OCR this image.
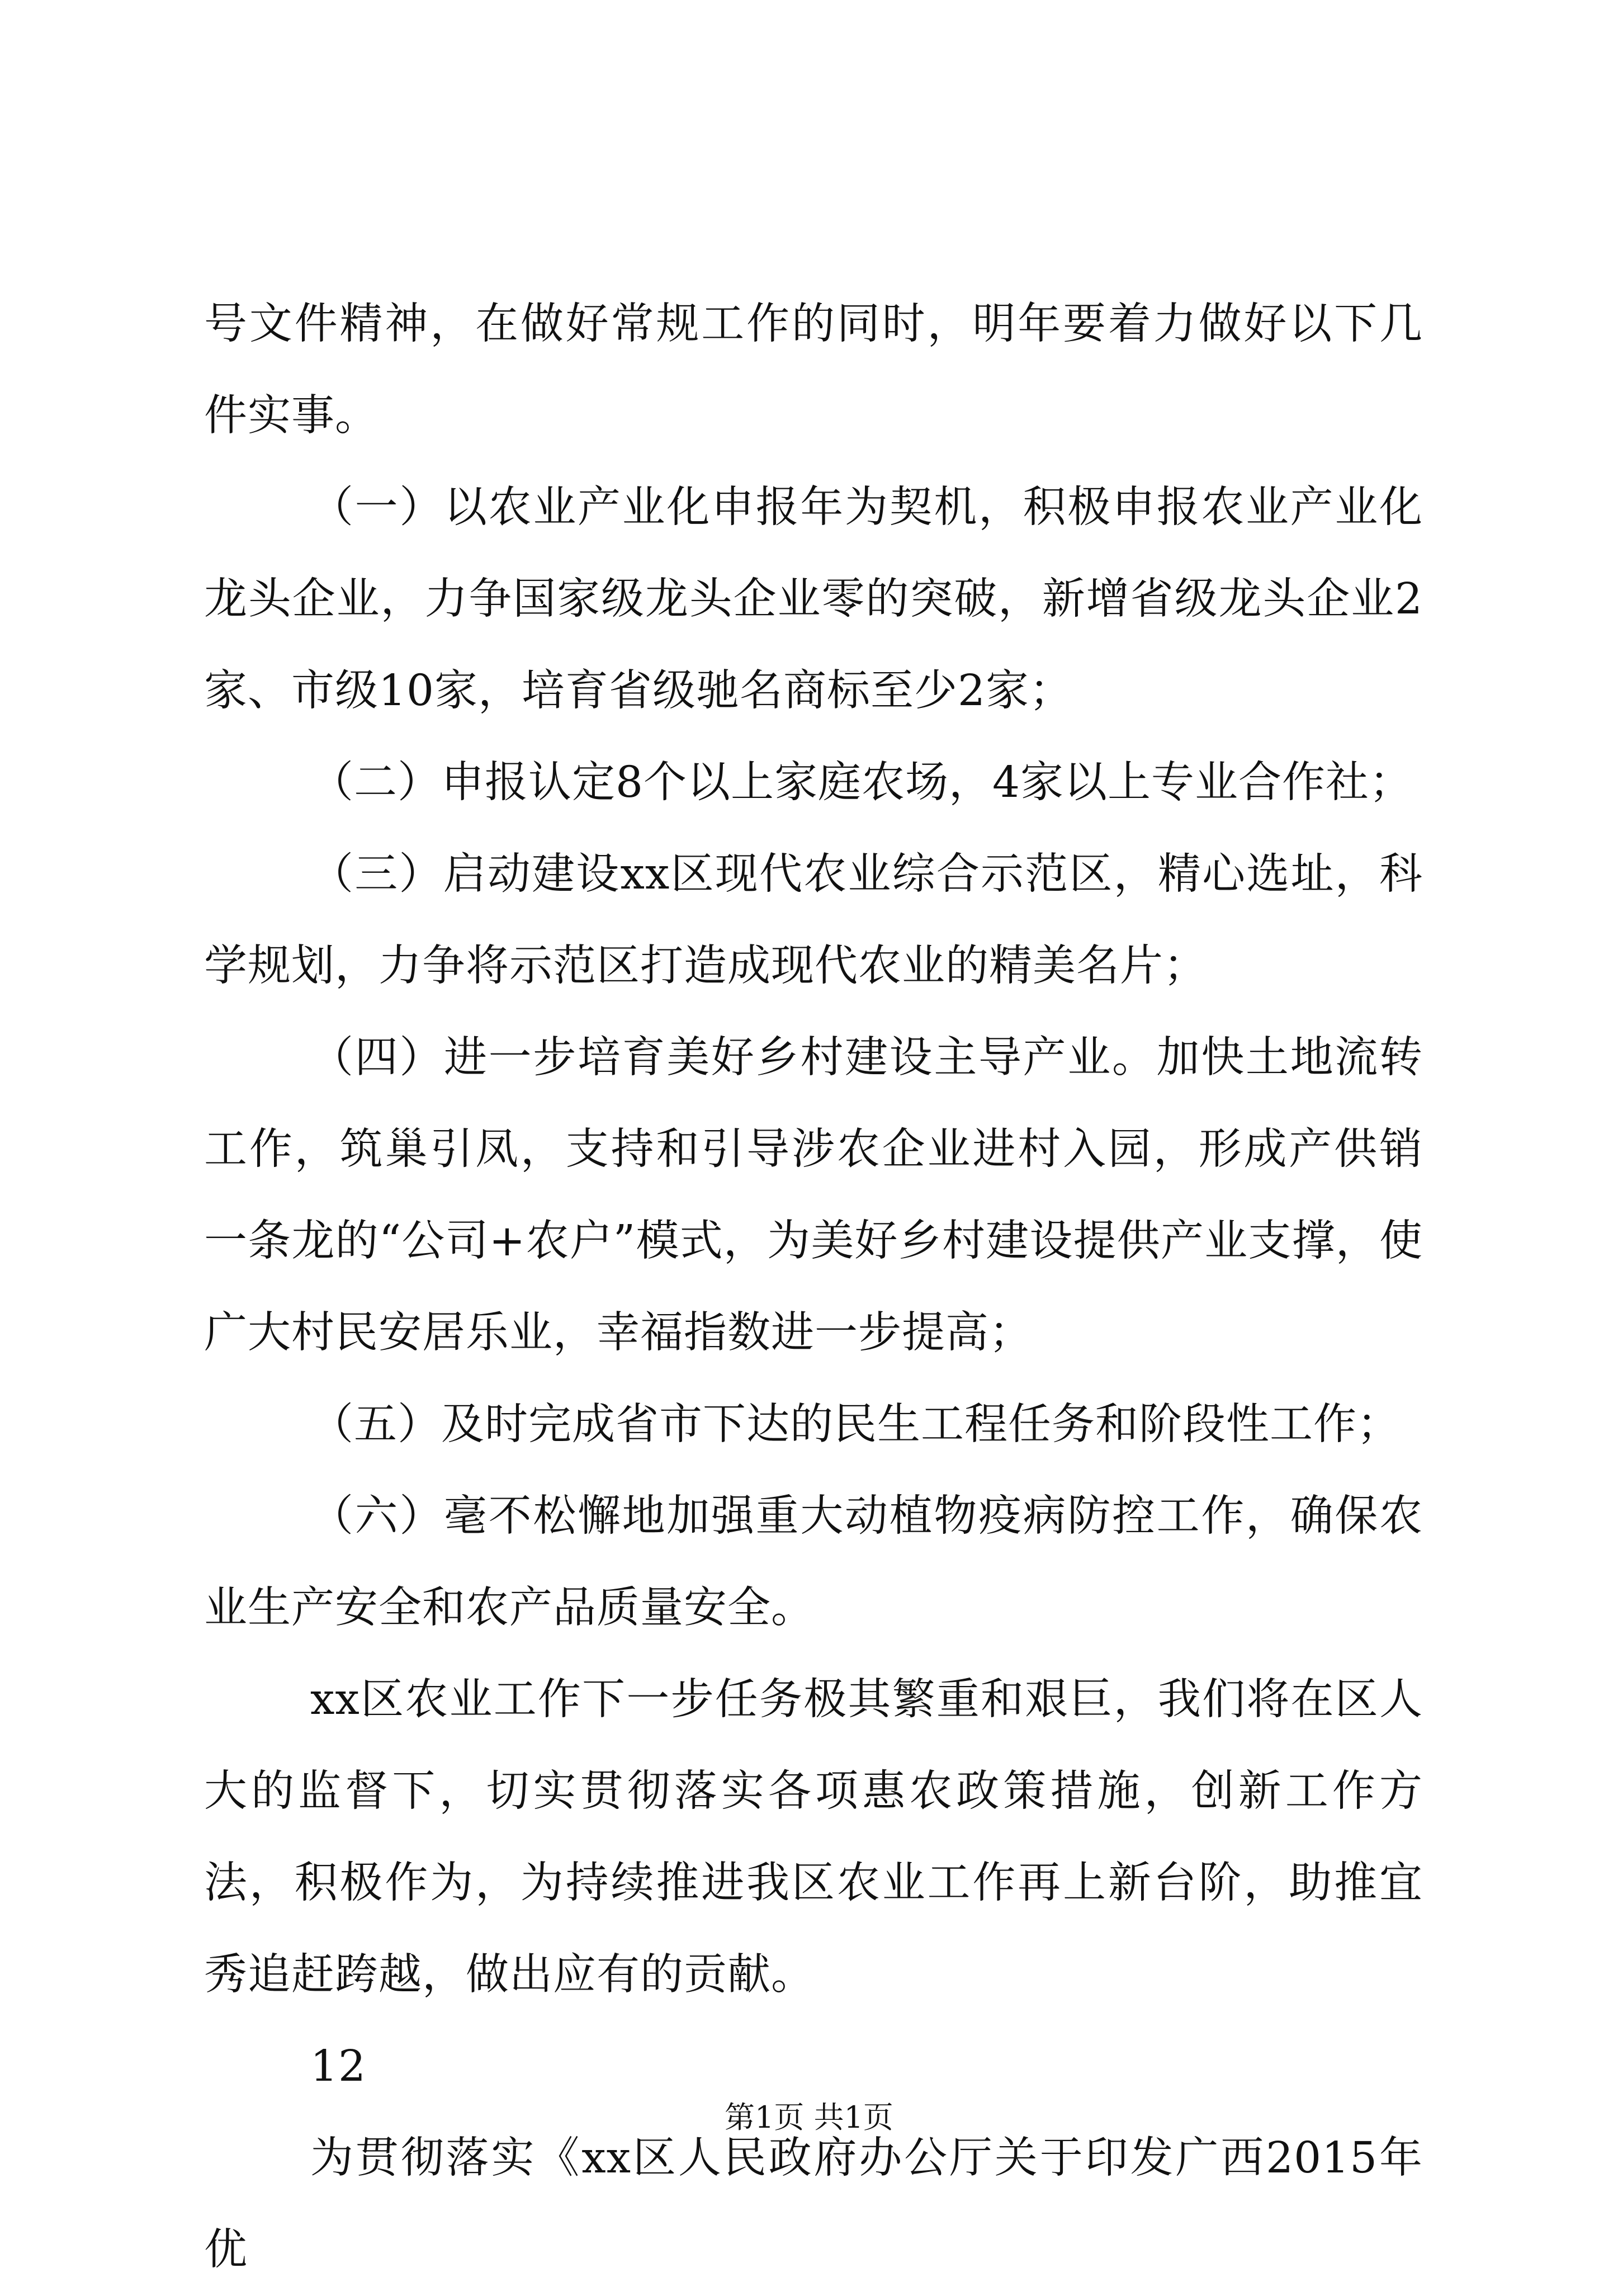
号文件精神，在做好常规工作的同时，明年要着力做好以下几件实事。

（一）以农业产业化申报年为契机，积极申报农业产业化龙头企业，力争国家级龙头企业零的突破，新增省级龙头企业2家、市级10家，培育省级驰名商标至少2家；

（二）申报认定8个以上家庭农场，4家以上专业合作社；

（三）启动建设xx区现代农业综合示范区，精心选址，科学规划，力争将示范区打造成现代农业的精美名片；

（四）进一步培育美好乡村建设主导产业。加快土地流转工作，筑巢引凤，支持和引导涉农企业进村入园，形成产供销一条龙的“公司+农户”模式，为美好乡村建设提供产业支撑，使广大村民安居乐业，幸福指数进一步提高；

（五）及时完成省市下达的民生工程任务和阶段性工作；

（六）毫不松懈地加强重大动植物疫病防控工作，确保农业生产安全和农产品质量安全。

xx区农业工作下一步任务极其繁重和艰巨，我们将在区人大的监督下，切实贯彻落实各项惠农政策措施，创新工作方法，积极作为，为持续推进我区农业工作再上新台阶，助推宜秀追赶跨越，做出应有的贡献。

12

为贯彻落实《xx区人民政府办公厅关于印发广西2015年优

第1页 共1页
